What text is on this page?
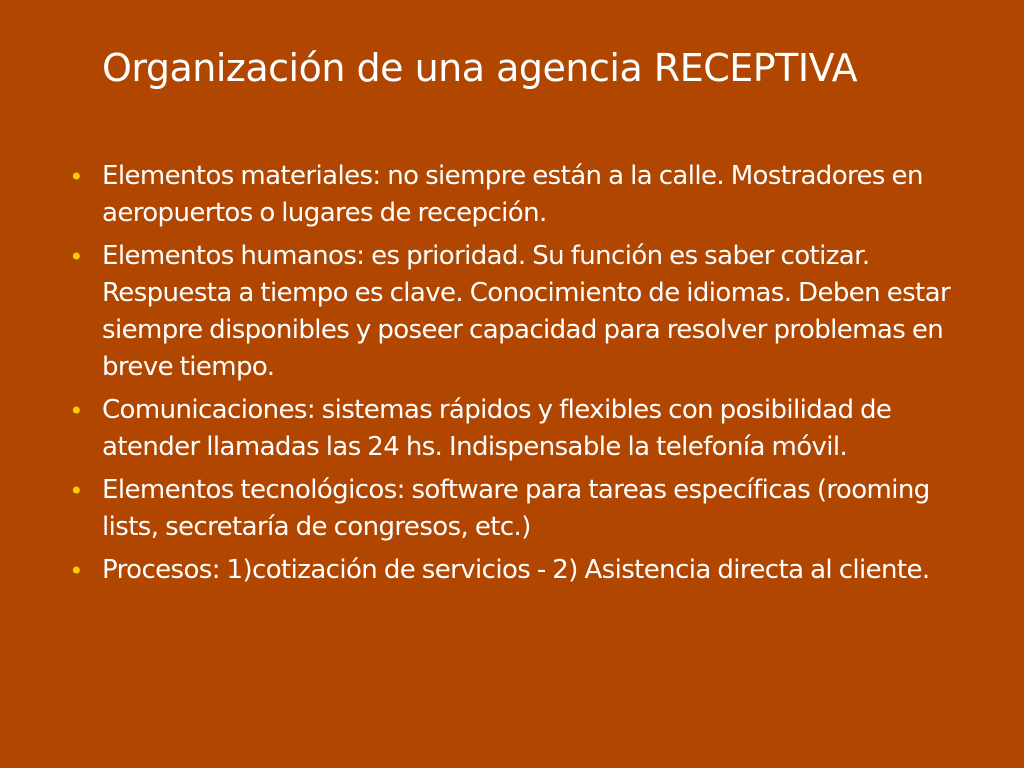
Organización de una agencia RECEPTIVA
• Elementos materiales: no siempre están a la calle. Mostradores en aeropuertos o lugares de recepción.
• Elementos humanos: es prioridad. Su función es saber cotizar. Respuesta a tiempo es clave. Conocimiento de idiomas. Deben estar siempre disponibles y poseer capacidad para resolver problemas en breve tiempo.
• Comunicaciones: sistemas rápidos y flexibles con posibilidad de atender llamadas las 24 hs. Indispensable la telefonía móvil.
• Elementos tecnológicos: software para tareas específicas (rooming lists, secretaría de congresos, etc.)
• Procesos: 1)cotización de servicios - 2) Asistencia directa al cliente.
